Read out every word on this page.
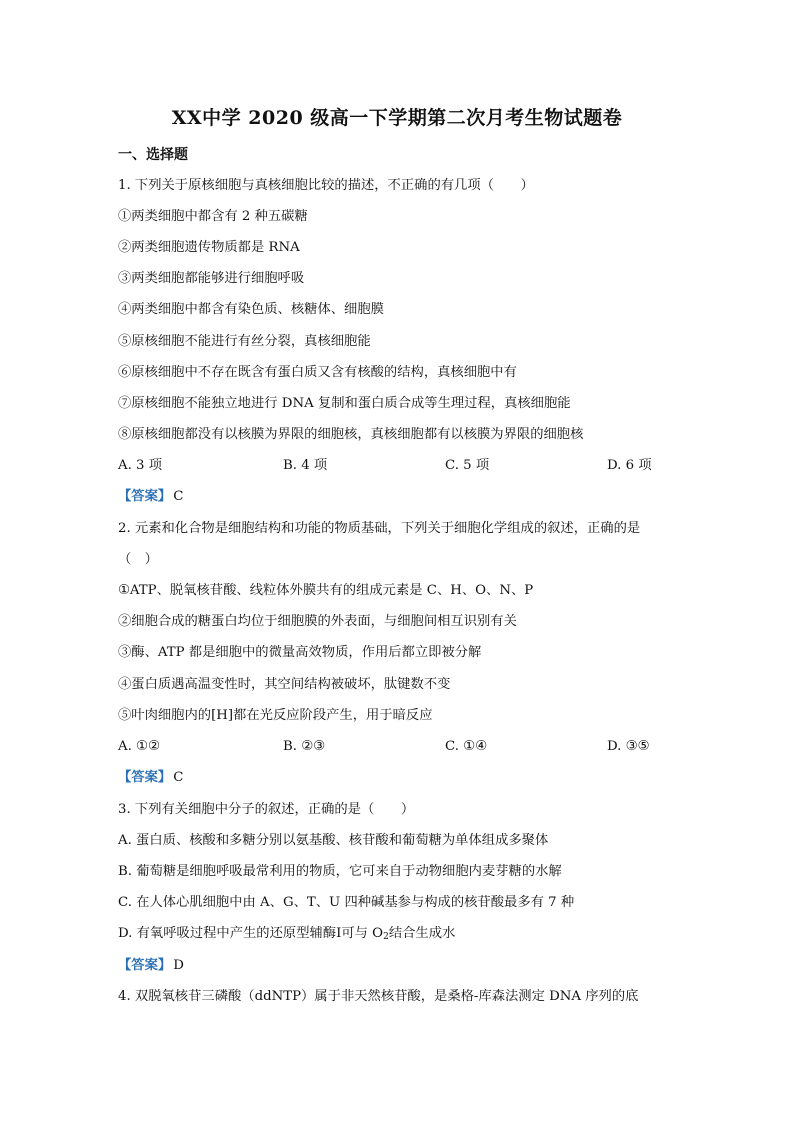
XX中学 2020 级高一下学期第二次月考生物试题卷
一、选择题
1. 下列关于原核细胞与真核细胞比较的描述，不正确的有几项（　　）
①两类细胞中都含有 2 种五碳糖
②两类细胞遗传物质都是 RNA
③两类细胞都能够进行细胞呼吸
④两类细胞中都含有染色质、核糖体、细胞膜
⑤原核细胞不能进行有丝分裂，真核细胞能
⑥原核细胞中不存在既含有蛋白质又含有核酸的结构，真核细胞中有
⑦原核细胞不能独立地进行 DNA 复制和蛋白质合成等生理过程，真核细胞能
⑧原核细胞都没有以核膜为界限的细胞核，真核细胞都有以核膜为界限的细胞核
A. 3 项	B. 4 项	C. 5 项	D. 6 项
【答案】 C
2. 元素和化合物是细胞结构和功能的物质基础，下列关于细胞化学组成的叙述，正确的是
（　）
①ATP、脱氧核苷酸、线粒体外膜共有的组成元素是 C、H、O、N、P
②细胞合成的糖蛋白均位于细胞膜的外表面，与细胞间相互识别有关
③酶、ATP 都是细胞中的微量高效物质，作用后都立即被分解
④蛋白质遇高温变性时，其空间结构被破坏，肽键数不变
⑤叶肉细胞内的[H]都在光反应阶段产生，用于暗反应
A. ①②	B. ②③	C. ①④	D. ③⑤
【答案】 C
3. 下列有关细胞中分子的叙述，正确的是（　　）
A. 蛋白质、核酸和多糖分别以氨基酸、核苷酸和葡萄糖为单体组成多聚体
B. 葡萄糖是细胞呼吸最常利用的物质，它可来自于动物细胞内麦芽糖的水解
C. 在人体心肌细胞中由 A、G、T、U 四种碱基参与构成的核苷酸最多有 7 种
D. 有氧呼吸过程中产生的还原型辅酶Ⅰ可与 $O_2$结合生成水
【答案】 D
4. 双脱氧核苷三磷酸（ddNTP）属于非天然核苷酸，是桑格-库森法测定 DNA 序列的底
